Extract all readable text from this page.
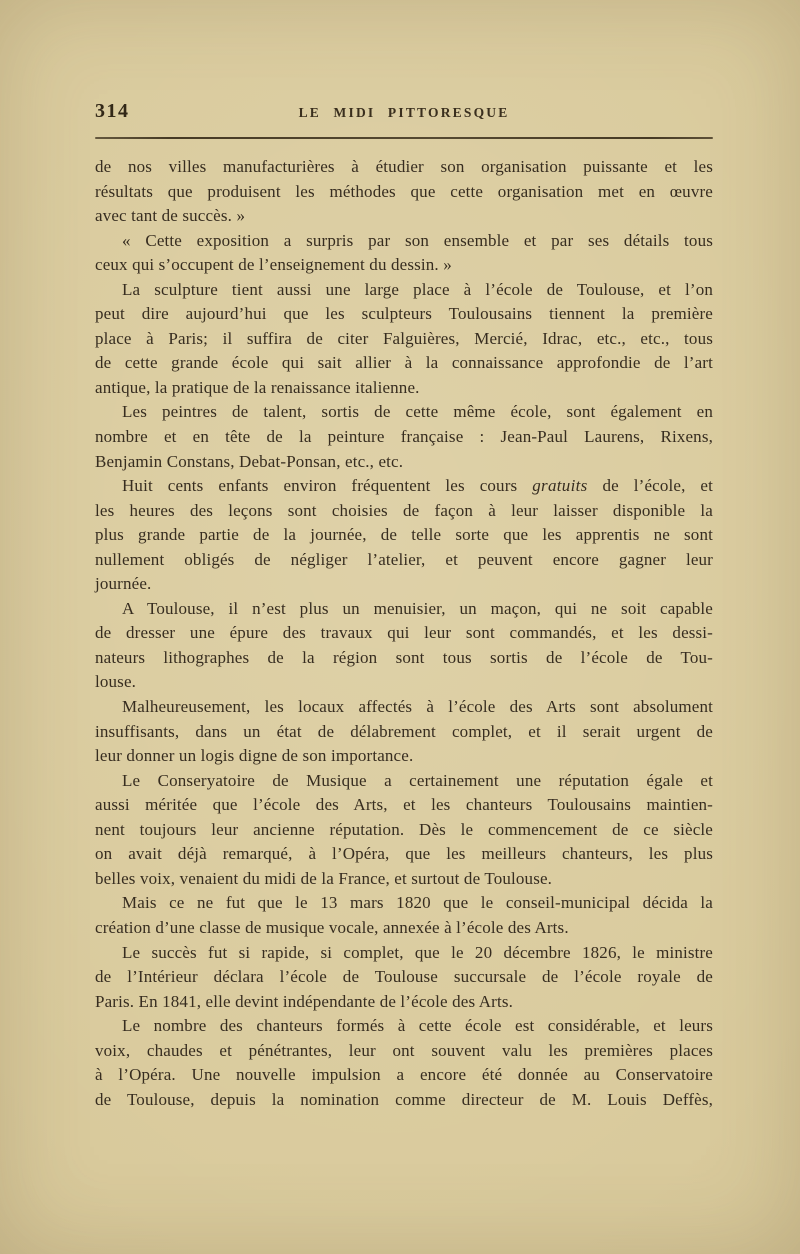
314	LE MIDI PITTORESQUE
de nos villes manufacturières à étudier son organisation puissante et les
résultats que produisent les méthodes que cette organisation met en œuvre
avec tant de succès. »
« Cette exposition a surpris par son ensemble et par ses détails tous
ceux qui s’occupent de l’enseignement du dessin. »
La sculpture tient aussi une large place à l’école de Toulouse, et l’on
peut dire aujourd’hui que les sculpteurs Toulousains tiennent la première
place à Paris; il suffira de citer Falguières, Mercié, Idrac, etc., etc., tous
de cette grande école qui sait allier à la connaissance approfondie de l’art
antique, la pratique de la renaissance italienne.
Les peintres de talent, sortis de cette même école, sont également en
nombre et en tête de la peinture française : Jean-Paul Laurens, Rixens,
Benjamin Constans, Debat-Ponsan, etc., etc.
Huit cents enfants environ fréquentent les cours gratuits de l’école, et
les heures des leçons sont choisies de façon à leur laisser disponible la
plus grande partie de la journée, de telle sorte que les apprentis ne sont
nullement obligés de négliger l’atelier, et peuvent encore gagner leur
journée.
A Toulouse, il n’est plus un menuisier, un maçon, qui ne soit capable
de dresser une épure des travaux qui leur sont commandés, et les dessi-
nateurs lithographes de la région sont tous sortis de l’école de Tou-
louse.
Malheureusement, les locaux affectés à l’école des Arts sont absolument
insuffisants, dans un état de délabrement complet, et il serait urgent de
leur donner un logis digne de son importance.
Le Conseryatoire de Musique a certainement une réputation égale et
aussi méritée que l’école des Arts, et les chanteurs Toulousains maintien-
nent toujours leur ancienne réputation. Dès le commencement de ce siècle
on avait déjà remarqué, à l’Opéra, que les meilleurs chanteurs, les plus
belles voix, venaient du midi de la France, et surtout de Toulouse.
Mais ce ne fut que le 13 mars 1820 que le conseil-municipal décida la
création d’une classe de musique vocale, annexée à l’école des Arts.
Le succès fut si rapide, si complet, que le 20 décembre 1826, le ministre
de l’Intérieur déclara l’école de Toulouse succursale de l’école royale de
Paris. En 1841, elle devint indépendante de l’école des Arts.
Le nombre des chanteurs formés à cette école est considérable, et leurs
voix, chaudes et pénétrantes, leur ont souvent valu les premières places
à l’Opéra. Une nouvelle impulsion a encore été donnée au Conservatoire
de Toulouse, depuis la nomination comme directeur de M. Louis Deffès,
